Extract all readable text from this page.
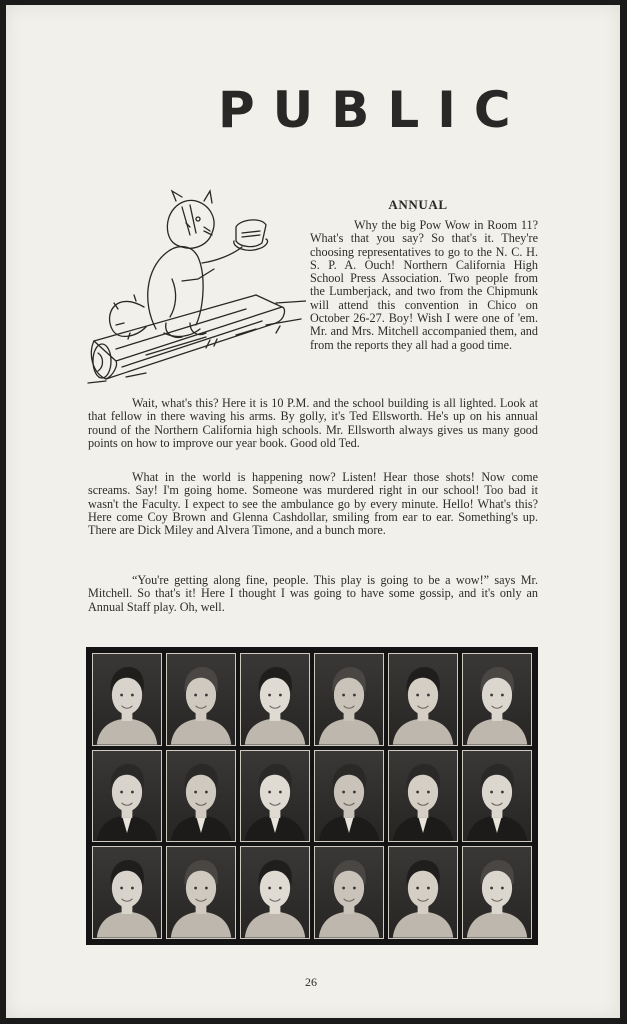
PUBLIC
ANNUAL

Why the big Pow Wow in Room 11? What's that you say? So that's it. They're choosing representatives to go to the N. C. H. S. P. A. Ouch! Northern California High School Press Association. Two people from the Lumberjack, and two from the Chipmunk will attend this convention in Chico on October 26-27. Boy! Wish I were one of 'em. Mr. and Mrs. Mitchell accompanied them, and from the reports they all had a good time.

Wait, what's this? Here it is 10 P.M. and the school building is all lighted. Look at that fellow in there waving his arms. By golly, it's Ted Ellsworth. He's up on his annual round of the Northern California high schools. Mr. Ellsworth always gives us many good points on how to improve our year book. Good old Ted.

What in the world is happening now? Listen! Hear those shots! Now come screams. Say! I'm going home. Someone was murdered right in our school! Too bad it wasn't the Faculty. I expect to see the ambulance go by every minute. Hello! What's this? Here come Coy Brown and Glenna Cashdollar, smiling from ear to ear. Something's up. There are Dick Miley and Alvera Timone, and a bunch more.

“You're getting along fine, people. This play is going to be a wow!” says Mr. Mitchell. So that's it! Here I thought I was going to have some gossip, and it's only an Annual Staff play. Oh, well.

26
